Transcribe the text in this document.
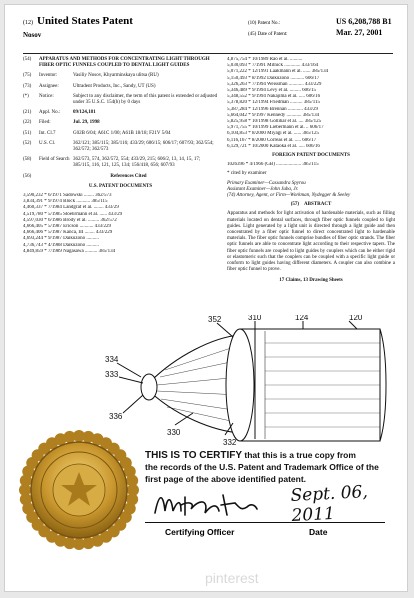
(12) United States Patent
Nosov
(10) Patent No.:	US 6,208,788 B1
(45) Date of Patent:	Mar. 27, 2001
(54)	APPARATUS AND METHODS FOR CONCENTRATING LIGHT THROUGH FIBER OPTIC FUNNELS COUPLED TO DENTAL LIGHT GUIDES
(75)	Inventor:	Vasiliy Nosov, Khyarminskaya ulitsa (RU)
(73)	Assignee:	Ultradent Products, Inc., Sandy, UT (US)
(*)	Notice:	Subject to any disclaimer, the term of this patent is extended or adjusted under 35 U.S.C. 154(b) by 0 days
(21)	Appl. No.:	09/124,181
(22)	Filed:	Jul. 29, 1998
(51)	Int. Cl.7	G02B 6/04; A61C 1/00; A61B 18/18; F21V 5/04
(52)	U.S. Cl.	362/121; 385/115; 385/116; 433/29; 606/15; 606/17; 607/93; 362/554; 362/572; 362/573
(58)	Field of Search 362/573, 574, 362/572, 554; 433/29, 215; 606/2, 13, 14, 15, 17; 385/115, 116, 121, 125, 134; 156/418, 656; 607/93
(56)	References Cited
U.S. PATENT DOCUMENTS
3,590,232 * 6/1971 Sadowski ........ 362/573
3,834,391 * 9/1974 Block ........... 385/115
4,460,337 * 7/1984 Landgraf et al. ........ 433/29
4,519,780 * 5/1985 Stoehrmann et al. ...... 433/29
4,597,030 * 6/1986 Brody et al. ......... 362/572
4,666,405 * 5/1987 Ericson ........... 433/229
4,666,406 * 5/1987 Kanca, III ........ 433/229
4,693,244 * 9/1987 Daikuzono ..........
4,736,743 * 4/1988 Daikuzono ..........
4,849,859 * 7/1989 Nagasawa .......... 385/134
4,875,754 * 10/1989 Rao et al. ..........
5,030,093 * 7/1991 Mitnick ............. 433/164
5,071,222 * 12/1991 Laakmann et al. ...... 385/134
5,150,493 * 8/1992 Daikuzono ........... 606/17
5,326,263 * 7/1994 Weissman ............ 433/229
5,346,489 * 9/1994 Levy et al. ......... 606/15
5,348,552 * 9/1994 Nakajima et al. ..... 606/16
5,378,820 * 12/1994 Friedman .......... 385/115
5,387,284 * 12/1996 Brennan ............ 433/29
5,664,042 * 9/1997 Kennedy ............ 385/134
5,825,958 * 10/1998 Gollihar et al. .... 385/125
5,971,755 * 10/1999 Liebermann et al. .. 606/17
6,104,853 * 8/2000 Miyagi et al. ...... 385/125
6,116,167 * 8/2000 Correas et al. ..... 606/17
6,129,721 * 10/2000 Kataoka et al. ..... 606/16
FOREIGN PATENT DOCUMENTS
1026396 * 4/1966 (GB) .................... 385/115
* cited by examiner
Primary Examiner—Cassandra Spyrou
Assistant Examiner—John Juba, Jr.
(74) Attorney, Agent, or Firm—Workman, Nydegger & Seeley
(57) ABSTRACT
Apparatus and methods for light activation of hardenable materials, such as filling materials located on dental surfaces, through fiber optic funnels coupled to light guides. Light generated by a light unit is directed through a light guide and then concentrated by a fiber optic funnel to direct concentrated light to hardenable materials. The fiber optic funnels comprise bundles of fiber optic strands. The fiber optic funnels are able to concentrate light according to their respective tapers. The fiber optic funnels are coupled to light guides by couplers which can be either rigid or elastomeric such that the couplers can be coupled with a specific light guide or conform to light guides having different diameters. A coupler can also combine a fiber optic funnel to prove.
17 Claims, 13 Drawing Sheets
352	310	124	120
334
333
336
330
332
THIS IS TO CERTIFY that this is a true copy from
the records of the U.S. Patent and Trademark Office of the
first page of the above identified patent.
Sept. 06, 2011
Certifying Officer	Date
pinterest
